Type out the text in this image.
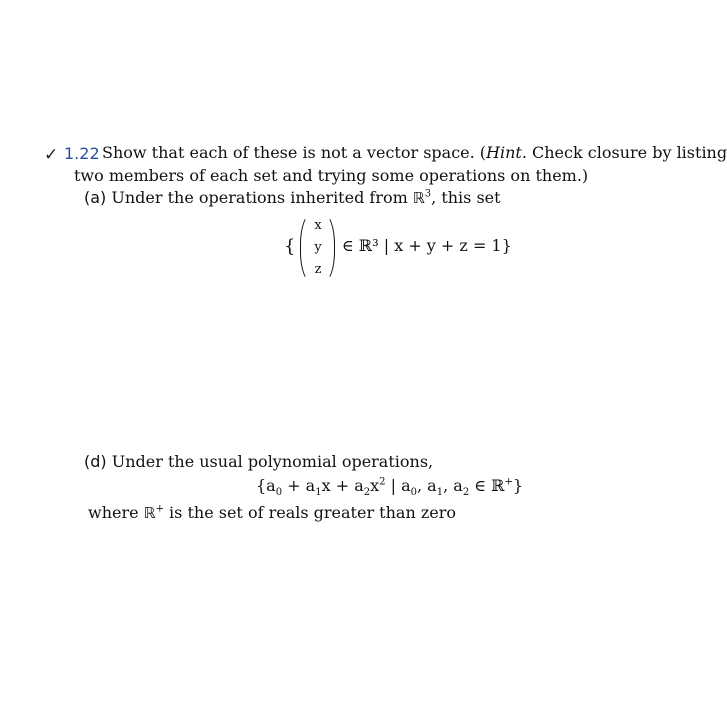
✓ 1.22 Show that each of these is not a vector space. (Hint. Check closure by listing
two members of each set and trying some operations on them.)
(a) Under the operations inherited from ℝ$^3$, this set
{
x
y
z
∈ ℝ³ | x + y + z = 1}
(d) Under the usual polynomial operations,
{$a_0 + a_1x + a_2x^2$ | $a_0$, $a_1$, $a_2$ ∈ ℝ+}
where ℝ+ is the set of reals greater than zero
